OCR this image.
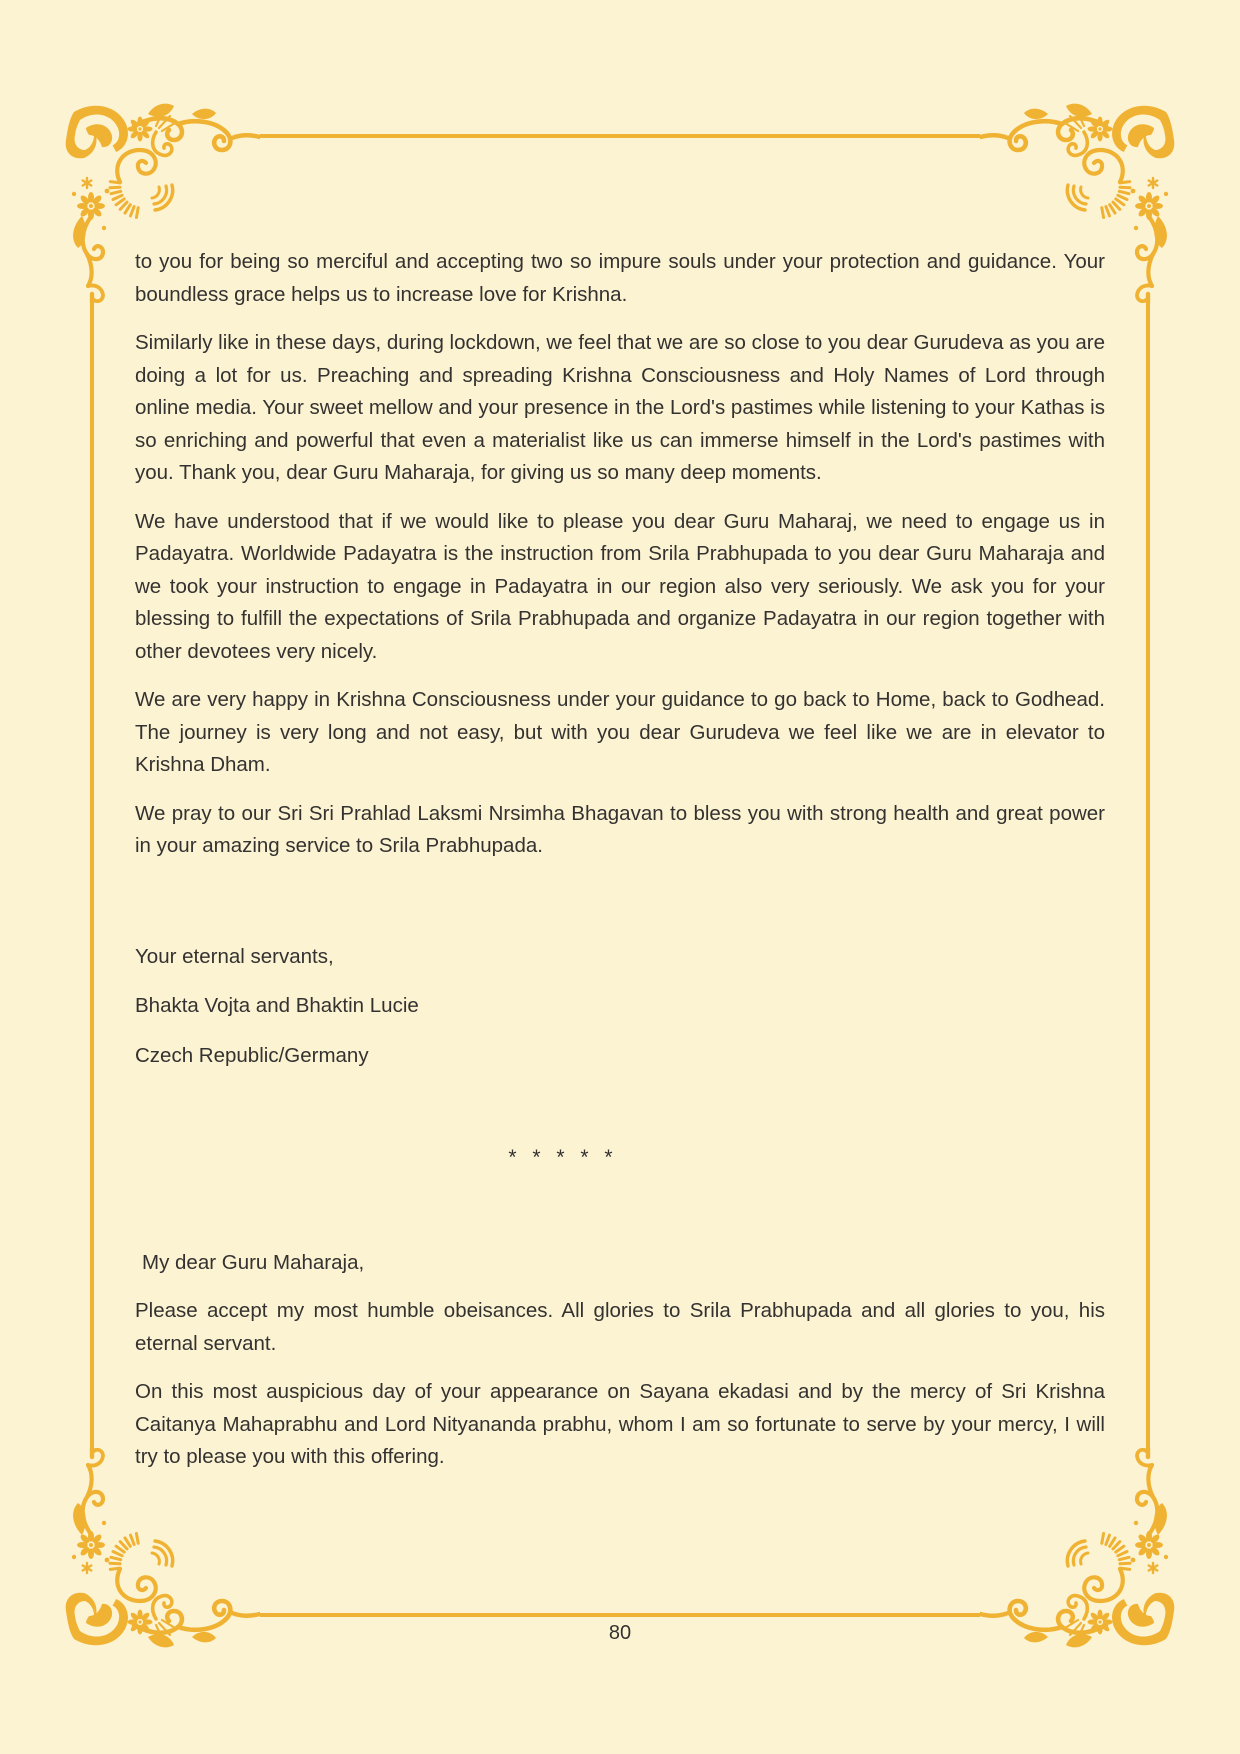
to you for being so merciful and accepting two so impure souls under your protection and guidance. Your boundless grace helps us to increase love for Krishna.

Similarly like in these days, during lockdown, we feel that we are so close to you dear Gurudeva as you are doing a lot for us. Preaching and spreading Krishna Consciousness and Holy Names of Lord through online media. Your sweet mellow and your presence in the Lord's pastimes while listening to your Kathas is so enriching and powerful that even a materialist like us can immerse himself in the Lord's pastimes with you. Thank you, dear Guru Maharaja, for giving us so many deep moments.

We have understood that if we would like to please you dear Guru Maharaj, we need to engage us in Padayatra. Worldwide Padayatra is the instruction from Srila Prabhupada to you dear Guru Maharaja and we took your instruction to engage in Padayatra in our region also very seriously. We ask you for your blessing to fulfill the expectations of Srila Prabhupada and organize Padayatra in our region together with other devotees very nicely.

We are very happy in Krishna Consciousness under your guidance to go back to Home, back to Godhead. The journey is very long and not easy, but with you dear Gurudeva we feel like we are in elevator to Krishna Dham.

We pray to our Sri Sri Prahlad Laksmi Nrsimha Bhagavan to bless you with strong health and great power in your amazing service to Srila Prabhupada.

Your eternal servants,

Bhakta Vojta and Bhaktin Lucie

Czech Republic/Germany

* * * * *

My dear Guru Maharaja,

Please accept my most humble obeisances. All glories to Srila Prabhupada and all glories to you, his eternal servant.

On this most auspicious day of your appearance on Sayana ekadasi and by the mercy of Sri Krishna Caitanya Mahaprabhu and Lord Nityananda prabhu, whom I am so fortunate to serve by your mercy, I will try to please you with this offering.

80
